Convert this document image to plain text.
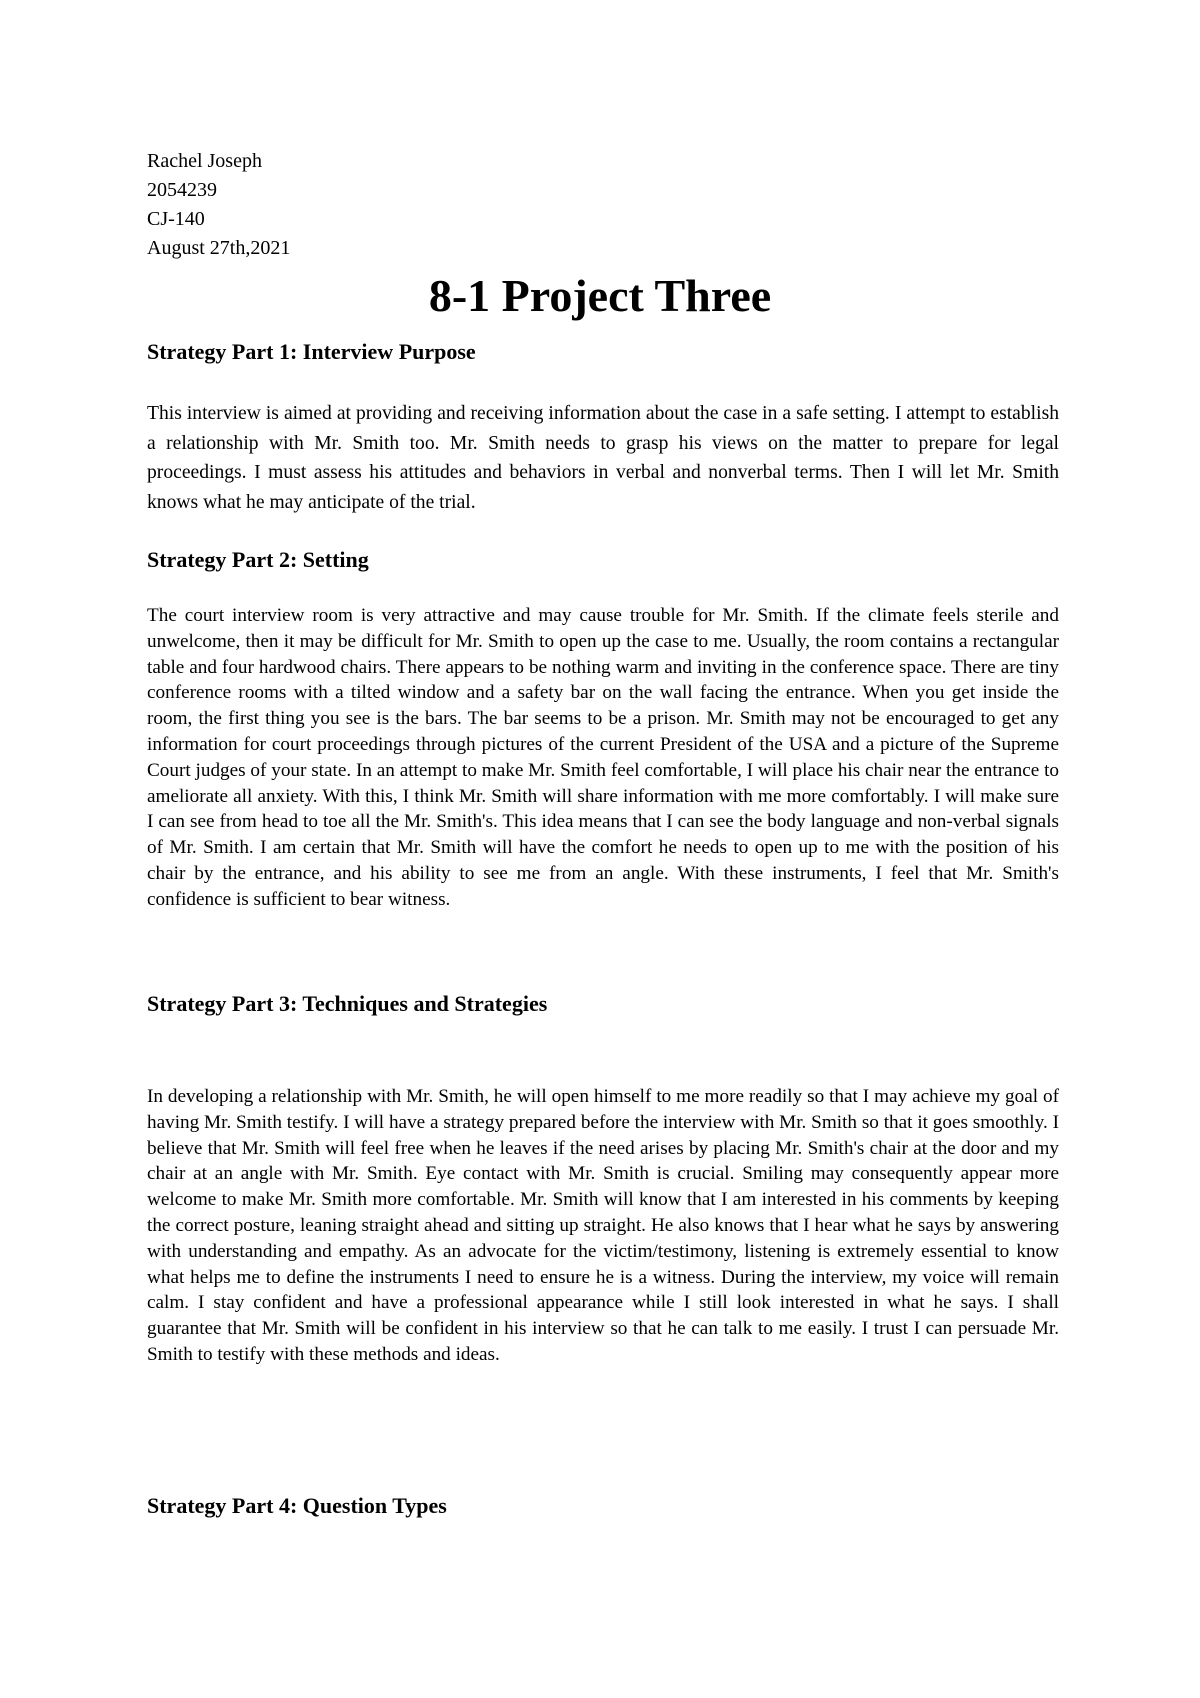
Rachel Joseph
2054239
CJ-140
August 27th,2021
8-1 Project Three
Strategy Part 1: Interview Purpose

This interview is aimed at providing and receiving information about the case in a safe setting. I attempt to establish a relationship with Mr. Smith too. Mr. Smith needs to grasp his views on the matter to prepare for legal proceedings. I must assess his attitudes and behaviors in verbal and nonverbal terms. Then I will let Mr. Smith knows what he may anticipate of the trial.

Strategy Part 2: Setting

The court interview room is very attractive and may cause trouble for Mr. Smith. If the climate feels sterile and unwelcome, then it may be difficult for Mr. Smith to open up the case to me. Usually, the room contains a rectangular table and four hardwood chairs. There appears to be nothing warm and inviting in the conference space. There are tiny conference rooms with a tilted window and a safety bar on the wall facing the entrance. When you get inside the room, the first thing you see is the bars. The bar seems to be a prison. Mr. Smith may not be encouraged to get any information for court proceedings through pictures of the current President of the USA and a picture of the Supreme Court judges of your state. In an attempt to make Mr. Smith feel comfortable, I will place his chair near the entrance to ameliorate all anxiety. With this, I think Mr. Smith will share information with me more comfortably. I will make sure I can see from head to toe all the Mr. Smith's. This idea means that I can see the body language and non-verbal signals of Mr. Smith. I am certain that Mr. Smith will have the comfort he needs to open up to me with the position of his chair by the entrance, and his ability to see me from an angle. With these instruments, I feel that Mr. Smith's confidence is sufficient to bear witness.

Strategy Part 3: Techniques and Strategies

In developing a relationship with Mr. Smith, he will open himself to me more readily so that I may achieve my goal of having Mr. Smith testify. I will have a strategy prepared before the interview with Mr. Smith so that it goes smoothly. I believe that Mr. Smith will feel free when he leaves if the need arises by placing Mr. Smith's chair at the door and my chair at an angle with Mr. Smith. Eye contact with Mr. Smith is crucial. Smiling may consequently appear more welcome to make Mr. Smith more comfortable. Mr. Smith will know that I am interested in his comments by keeping the correct posture, leaning straight ahead and sitting up straight. He also knows that I hear what he says by answering with understanding and empathy. As an advocate for the victim/testimony, listening is extremely essential to know what helps me to define the instruments I need to ensure he is a witness. During the interview, my voice will remain calm. I stay confident and have a professional appearance while I still look interested in what he says. I shall guarantee that Mr. Smith will be confident in his interview so that he can talk to me easily. I trust I can persuade Mr. Smith to testify with these methods and ideas.

Strategy Part 4: Question Types
